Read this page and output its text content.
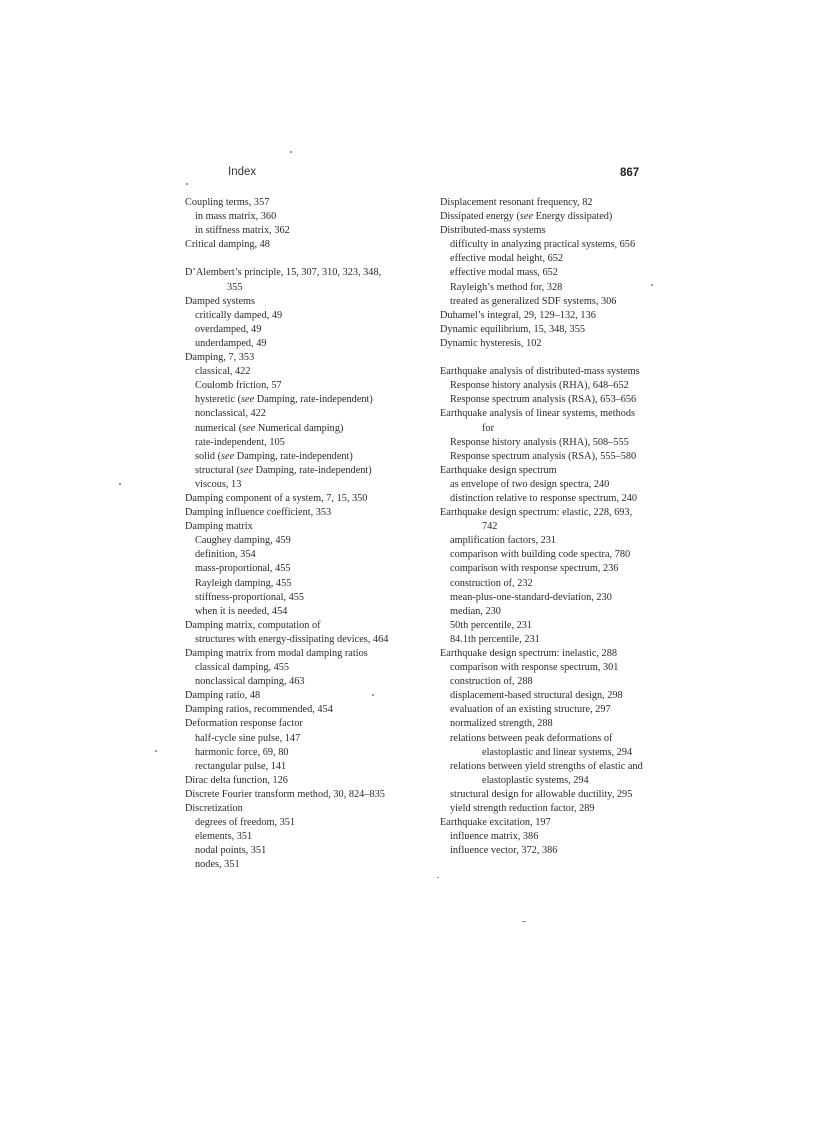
Index	867
Coupling terms, 357
in mass matrix, 360
in stiffness matrix, 362
Critical damping, 48
D’Alembert’s principle, 15, 307, 310, 323, 348,
355
Damped systems
critically damped, 49
overdamped, 49
underdamped, 49
Damping, 7, 353
classical, 422
Coulomb friction, 57
hysteretic (see Damping, rate-independent)
nonclassical, 422
numerical (see Numerical damping)
rate-independent, 105
solid (see Damping, rate-independent)
structural (see Damping, rate-independent)
viscous, 13
Damping component of a system, 7, 15, 350
Damping influence coefficient, 353
Damping matrix
Caughey damping, 459
definition, 354
mass-proportional, 455
Rayleigh damping, 455
stiffness-proportional, 455
when it is needed, 454
Damping matrix, computation of
structures with energy-dissipating devices, 464
Damping matrix from modal damping ratios
classical damping, 455
nonclassical damping, 463
Damping ratio, 48
Damping ratios, recommended, 454
Deformation response factor
half-cycle sine pulse, 147
harmonic force, 69, 80
rectangular pulse, 141
Dirac delta function, 126
Discrete Fourier transform method, 30, 824–835
Discretization
degrees of freedom, 351
elements, 351
nodal points, 351
nodes, 351
Displacement resonant frequency, 82
Dissipated energy (see Energy dissipated)
Distributed-mass systems
difficulty in analyzing practical systems, 656
effective modal height, 652
effective modal mass, 652
Rayleigh’s method for, 328
treated as generalized SDF systems, 306
Duhamel’s integral, 29, 129–132, 136
Dynamic equilibrium, 15, 348, 355
Dynamic hysteresis, 102
Earthquake analysis of distributed-mass systems
Response history analysis (RHA), 648–652
Response spectrum analysis (RSA), 653–656
Earthquake analysis of linear systems, methods
for
Response history analysis (RHA), 508–555
Response spectrum analysis (RSA), 555–580
Earthquake design spectrum
as envelope of two design spectra, 240
distinction relative to response spectrum, 240
Earthquake design spectrum: elastic, 228, 693,
742
amplification factors, 231
comparison with building code spectra, 780
comparison with response spectrum, 236
construction of, 232
mean-plus-one-standard-deviation, 230
median, 230
50th percentile, 231
84.1th percentile, 231
Earthquake design spectrum: inelastic, 288
comparison with response spectrum, 301
construction of, 288
displacement-based structural design, 298
evaluation of an existing structure, 297
normalized strength, 288
relations between peak deformations of
elastoplastic and linear systems, 294
relations between yield strengths of elastic and
elastoplastic systems, 294
structural design for allowable ductility, 295
yield strength reduction factor, 289
Earthquake excitation, 197
influence matrix, 386
influence vector, 372, 386
